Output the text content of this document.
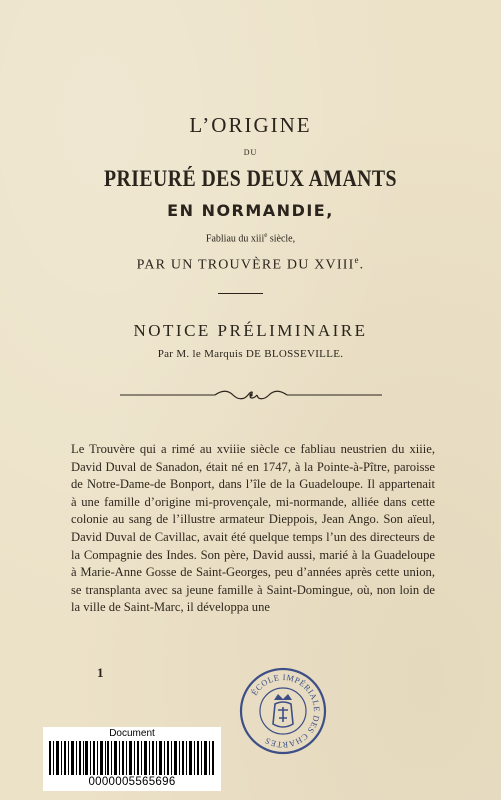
L’ORIGINE
DU
PRIEURÉ DES DEUX AMANTS
EN NORMANDIE,
Fabliau du xiii$^e$ siècle,
PAR UN TROUVÈRE DU XVIIIe.
NOTICE PRÉLIMINAIRE
Par M. le Marquis DE BLOSSEVILLE.
Le Trouvère qui a rimé au xviiie siècle ce fabliau neustrien du xiiie, David Duval de Sanadon, était né en 1747, à la Pointe-à-Pître, paroisse de Notre-Dame-de Bonport, dans l’île de la Guadeloupe. Il appartenait à une famille d’origine mi-provençale, mi-normande, alliée dans cette colonie au sang de l’illustre armateur Dieppois, Jean Ango. Son aïeul, David Duval de Cavillac, avait été quelque temps l’un des directeurs de la Compagnie des Indes. Son père, David aussi, marié à la Guadeloupe à Marie-Anne Gosse de Saint-Georges, peu d’années après cette union, se transplanta avec sa jeune famille à Saint-Domingue, où, non loin de la ville de Saint-Marc, il développa une
1
ÉCOLE IMPÉRIALE DES CHARTES
Document
0000005565696
